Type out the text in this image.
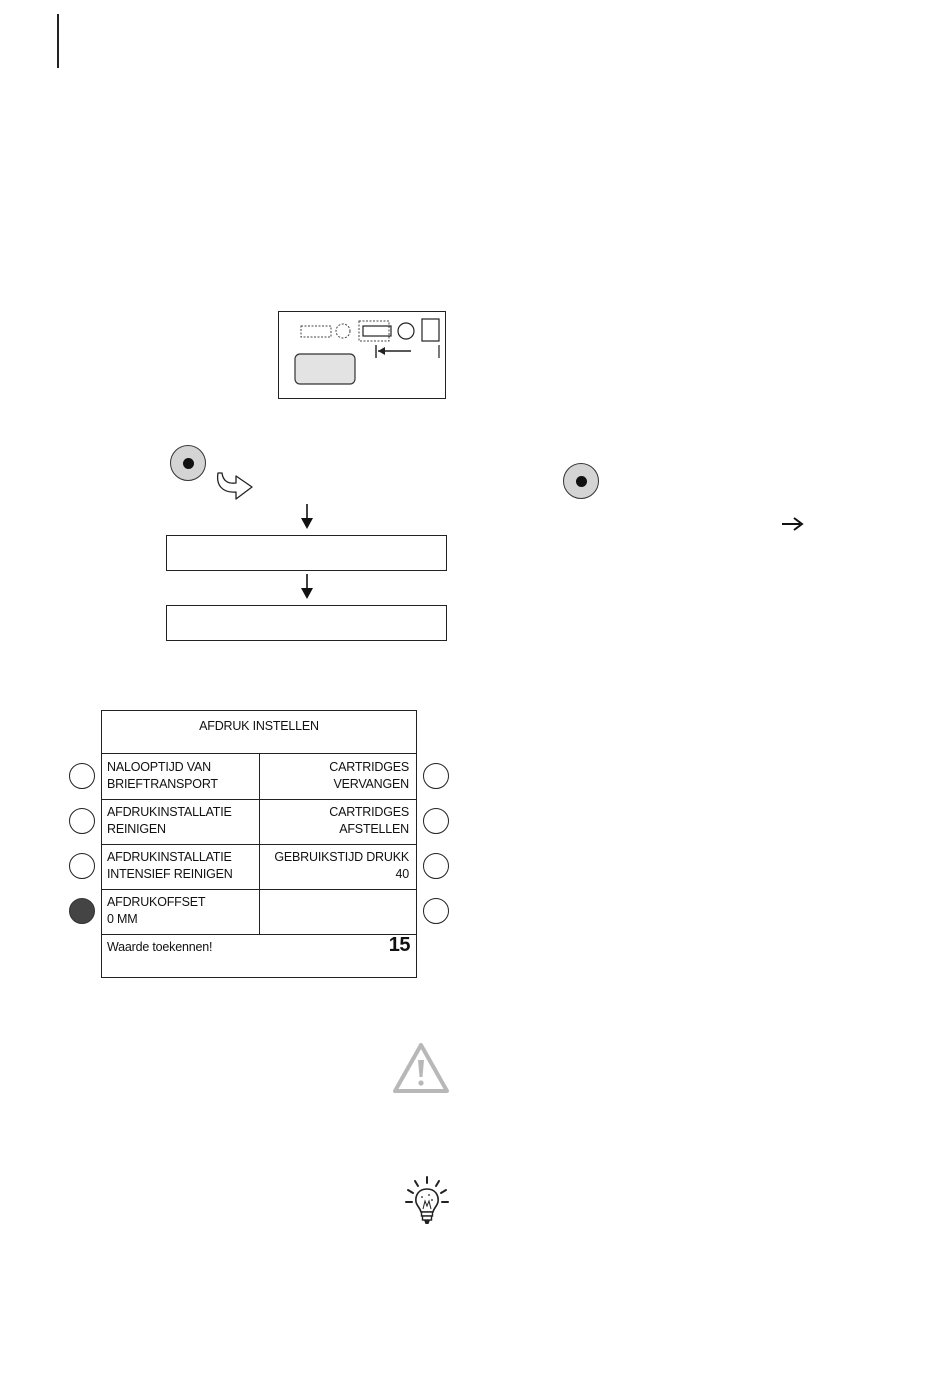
AFDRUK INSTELLEN
NALOOPTIJD VAN
BRIEFTRANSPORT
CARTRIDGES
VERVANGEN
AFDRUKINSTALLATIE
REINIGEN
CARTRIDGES
AFSTELLEN
AFDRUKINSTALLATIE
INTENSIEF REINIGEN
GEBRUIKSTIJD DRUKK
40
AFDRUKOFFSET
0 MM
Waarde toekennen!	15
